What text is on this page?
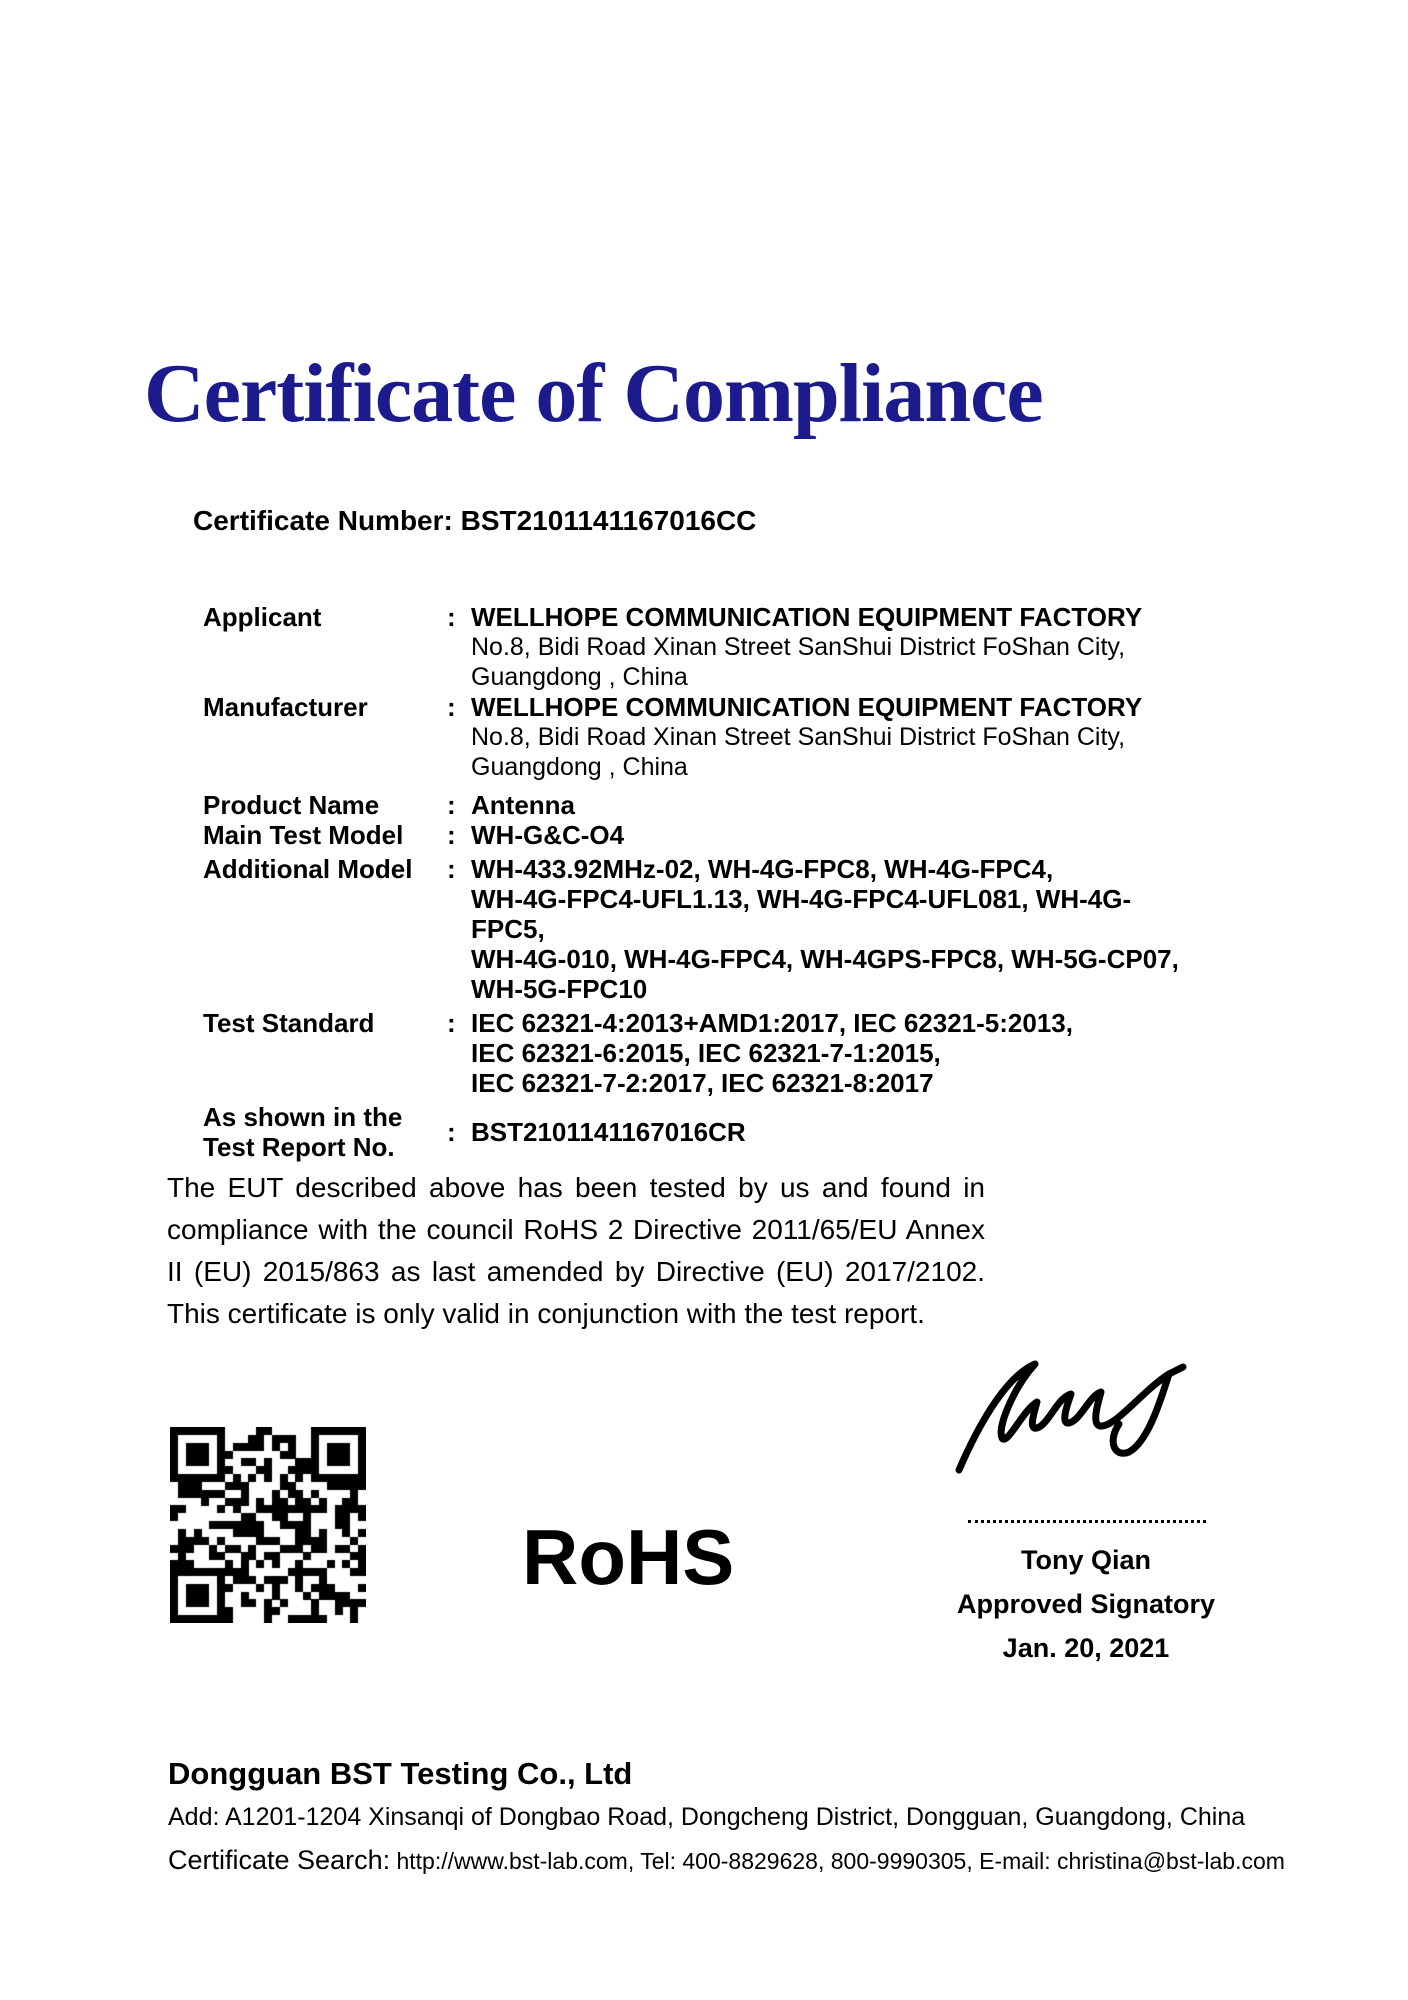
Certificate of Compliance
Certificate Number: BST2101141167016CC
Applicant	: WELLHOPE COMMUNICATION EQUIPMENT FACTORY
No.8, Bidi Road Xinan Street SanShui District FoShan City,
Guangdong , China
Manufacturer	: WELLHOPE COMMUNICATION EQUIPMENT FACTORY
No.8, Bidi Road Xinan Street SanShui District FoShan City,
Guangdong , China
Product Name	: Antenna
Main Test Model	: WH-G&C-O4
Additional Model	: WH-433.92MHz-02, WH-4G-FPC8, WH-4G-FPC4,
WH-4G-FPC4-UFL1.13, WH-4G-FPC4-UFL081, WH-4G-FPC5,
WH-4G-010, WH-4G-FPC4, WH-4GPS-FPC8, WH-5G-CP07,
WH-5G-FPC10
Test Standard	: IEC 62321-4:2013+AMD1:2017, IEC 62321-5:2013,
IEC 62321-6:2015, IEC 62321-7-1:2015,
IEC 62321-7-2:2017, IEC 62321-8:2017
As shown in the
Test Report No.	: BST2101141167016CR
The EUT described above has been tested by us and found in compliance with the council RoHS 2 Directive 2011/65/EU Annex II (EU) 2015/863 as last amended by Directive (EU) 2017/2102. This certificate is only valid in conjunction with the test report.
RoHS	Tony Qian
Approved Signatory
Jan. 20, 2021
Dongguan BST Testing Co., Ltd
Add: A1201-1204 Xinsanqi of Dongbao Road, Dongcheng District, Dongguan, Guangdong, China
Certificate Search: http://www.bst-lab.com, Tel: 400-8829628, 800-9990305, E-mail: christina@bst-lab.com
